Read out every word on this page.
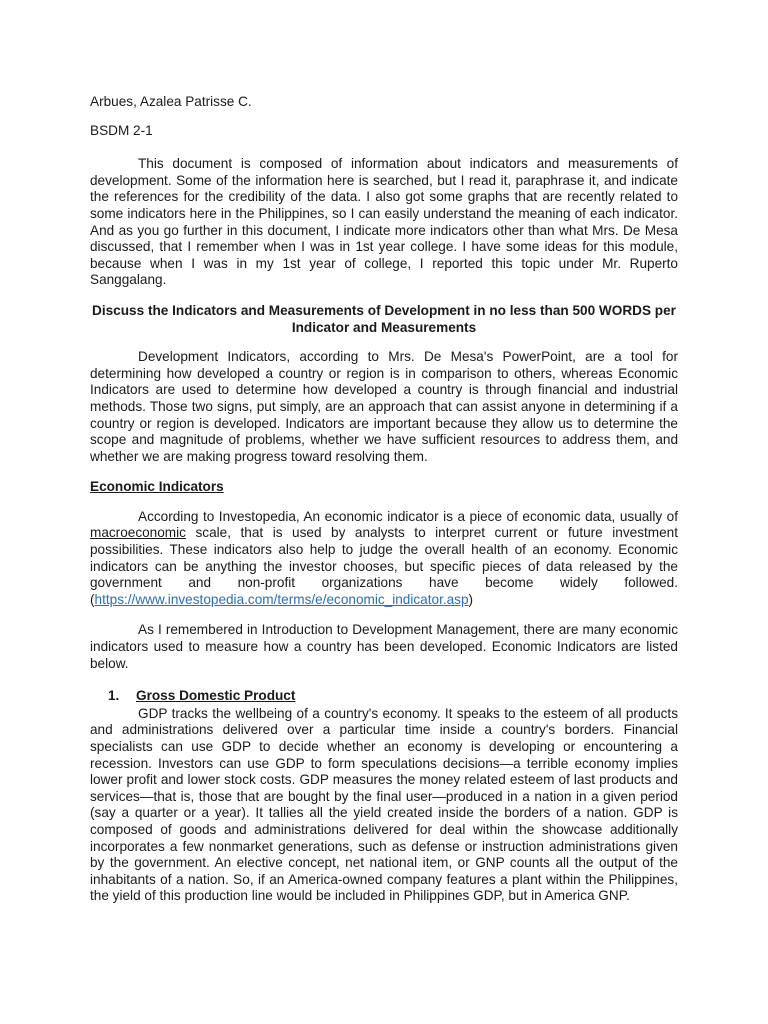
Arbues, Azalea Patrisse C.

BSDM 2-1

This document is composed of information about indicators and measurements of development. Some of the information here is searched, but I read it, paraphrase it, and indicate the references for the credibility of the data. I also got some graphs that are recently related to some indicators here in the Philippines, so I can easily understand the meaning of each indicator. And as you go further in this document, I indicate more indicators other than what Mrs. De Mesa discussed, that I remember when I was in 1st year college. I have some ideas for this module, because when I was in my 1st year of college, I reported this topic under Mr. Ruperto Sanggalang.

Discuss the Indicators and Measurements of Development in no less than 500 WORDS per Indicator and Measurements

Development Indicators, according to Mrs. De Mesa's PowerPoint, are a tool for determining how developed a country or region is in comparison to others, whereas Economic Indicators are used to determine how developed a country is through financial and industrial methods. Those two signs, put simply, are an approach that can assist anyone in determining if a country or region is developed. Indicators are important because they allow us to determine the scope and magnitude of problems, whether we have sufficient resources to address them, and whether we are making progress toward resolving them.

Economic Indicators

According to Investopedia, An economic indicator is a piece of economic data, usually of macroeconomic scale, that is used by analysts to interpret current or future investment possibilities. These indicators also help to judge the overall health of an economy. Economic indicators can be anything the investor chooses, but specific pieces of data released by the government and non-profit organizations have become widely followed. (https://www.investopedia.com/terms/e/economic_indicator.asp)

As I remembered in Introduction to Development Management, there are many economic indicators used to measure how a country has been developed. Economic Indicators are listed below.

1. Gross Domestic Product

GDP tracks the wellbeing of a country's economy. It speaks to the esteem of all products and administrations delivered over a particular time inside a country's borders. Financial specialists can use GDP to decide whether an economy is developing or encountering a recession. Investors can use GDP to form speculations decisions—a terrible economy implies lower profit and lower stock costs. GDP measures the money related esteem of last products and services—that is, those that are bought by the final user—produced in a nation in a given period (say a quarter or a year). It tallies all the yield created inside the borders of a nation. GDP is composed of goods and administrations delivered for deal within the showcase additionally incorporates a few nonmarket generations, such as defense or instruction administrations given by the government. An elective concept, net national item, or GNP counts all the output of the inhabitants of a nation. So, if an America-owned company features a plant within the Philippines, the yield of this production line would be included in Philippines GDP, but in America GNP.
